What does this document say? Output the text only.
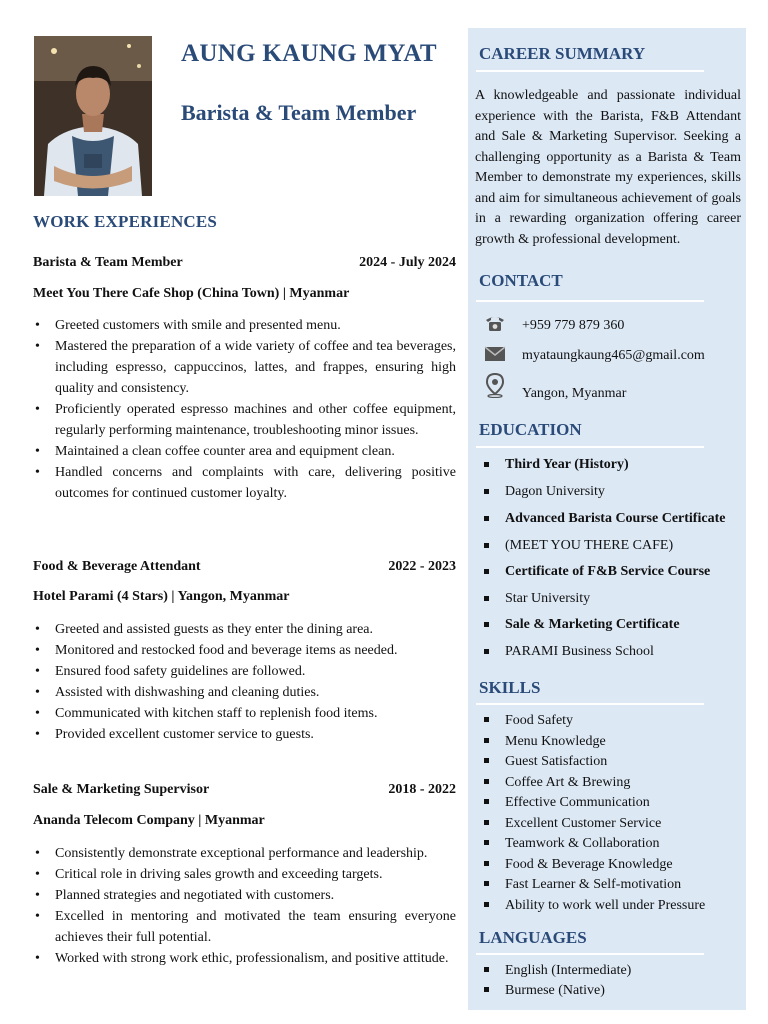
AUNG KAUNG MYAT
Barista & Team Member
WORK EXPERIENCES
Barista & Team Member	2024 - July 2024
Meet You There Cafe Shop (China Town) | Myanmar
• Greeted customers with smile and presented menu.
• Mastered the preparation of a wide variety of coffee and tea beverages, including espresso, cappuccinos, lattes, and frappes, ensuring high quality and consistency.
• Proficiently operated espresso machines and other coffee equipment, regularly performing maintenance, troubleshooting minor issues.
• Maintained a clean coffee counter area and equipment clean.
• Handled concerns and complaints with care, delivering positive outcomes for continued customer loyalty.
Food & Beverage Attendant	2022 - 2023
Hotel Parami (4 Stars) | Yangon, Myanmar
• Greeted and assisted guests as they enter the dining area.
• Monitored and restocked food and beverage items as needed.
• Ensured food safety guidelines are followed.
• Assisted with dishwashing and cleaning duties.
• Communicated with kitchen staff to replenish food items.
• Provided excellent customer service to guests.
Sale & Marketing Supervisor	2018 - 2022
Ananda Telecom Company | Myanmar
• Consistently demonstrate exceptional performance and leadership.
• Critical role in driving sales growth and exceeding targets.
• Planned strategies and negotiated with customers.
• Excelled in mentoring and motivated the team ensuring everyone achieves their full potential.
• Worked with strong work ethic, professionalism, and positive attitude.
CAREER SUMMARY

A knowledgeable and passionate individual experience with the Barista, F&B Attendant and Sale & Marketing Supervisor. Seeking a challenging opportunity as a Barista & Team Member to demonstrate my experiences, skills and aim for simultaneous achievement of goals in a rewarding organization offering career growth & professional development.

CONTACT
+959 779 879 360
myataungkaung465@gmail.com
Yangon, Myanmar
EDUCATION
Third Year (History)
Dagon University
Advanced Barista Course Certificate
(MEET YOU THERE CAFE)
Certificate of F&B Service Course
Star University
Sale & Marketing Certificate
PARAMI Business School
SKILLS
Food Safety
Menu Knowledge
Guest Satisfaction
Coffee Art & Brewing
Effective Communication
Excellent Customer Service
Teamwork & Collaboration
Food & Beverage Knowledge
Fast Learner & Self-motivation
Ability to work well under Pressure
LANGUAGES
English (Intermediate)
Burmese (Native)
